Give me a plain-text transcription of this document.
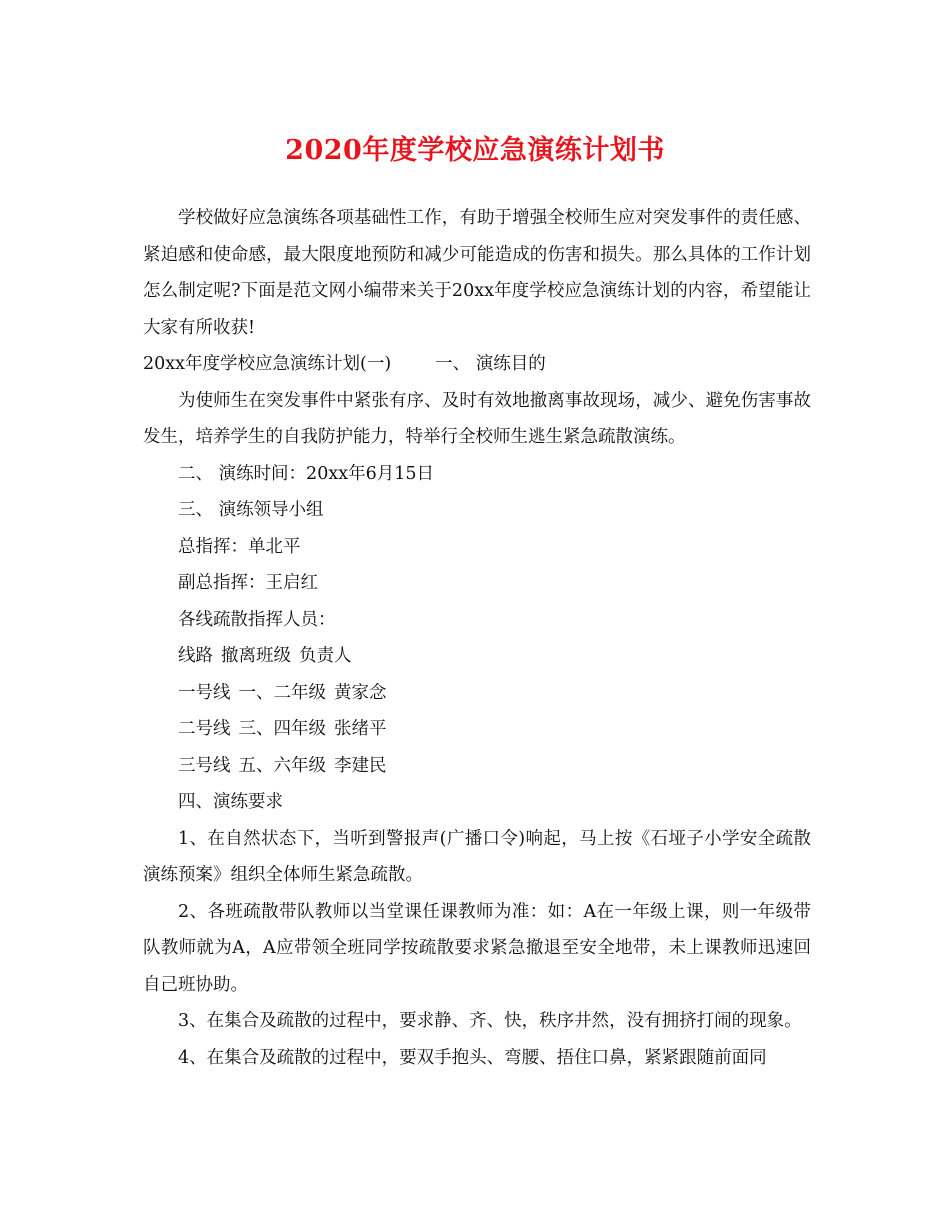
2020年度学校应急演练计划书

学校做好应急演练各项基础性工作，有助于增强全校师生应对突发事件的责任感、紧迫感和使命感，最大限度地预防和减少可能造成的伤害和损失。那么具体的工作计划怎么制定呢?下面是范文网小编带来关于20xx年度学校应急演练计划的内容，希望能让大家有所收获!

20xx年度学校应急演练计划(一)	一、 演练目的

为使师生在突发事件中紧张有序、及时有效地撤离事故现场，减少、避免伤害事故发生，培养学生的自我防护能力，特举行全校师生逃生紧急疏散演练。

二、 演练时间：20xx年6月15日

三、 演练领导小组

总指挥：单北平

副总指挥：王启红

各线疏散指挥人员：

线路 撤离班级 负责人

一号线 一、二年级 黄家念

二号线 三、四年级 张绪平

三号线 五、六年级 李建民

四、演练要求

1、在自然状态下，当听到警报声(广播口令)响起，马上按《石垭子小学安全疏散演练预案》组织全体师生紧急疏散。

2、各班疏散带队教师以当堂课任课教师为准：如：A在一年级上课，则一年级带队教师就为A，A应带领全班同学按疏散要求紧急撤退至安全地带，未上课教师迅速回自己班协助。

3、在集合及疏散的过程中，要求静、齐、快，秩序井然，没有拥挤打闹的现象。

4、在集合及疏散的过程中，要双手抱头、弯腰、捂住口鼻，紧紧跟随前面同
